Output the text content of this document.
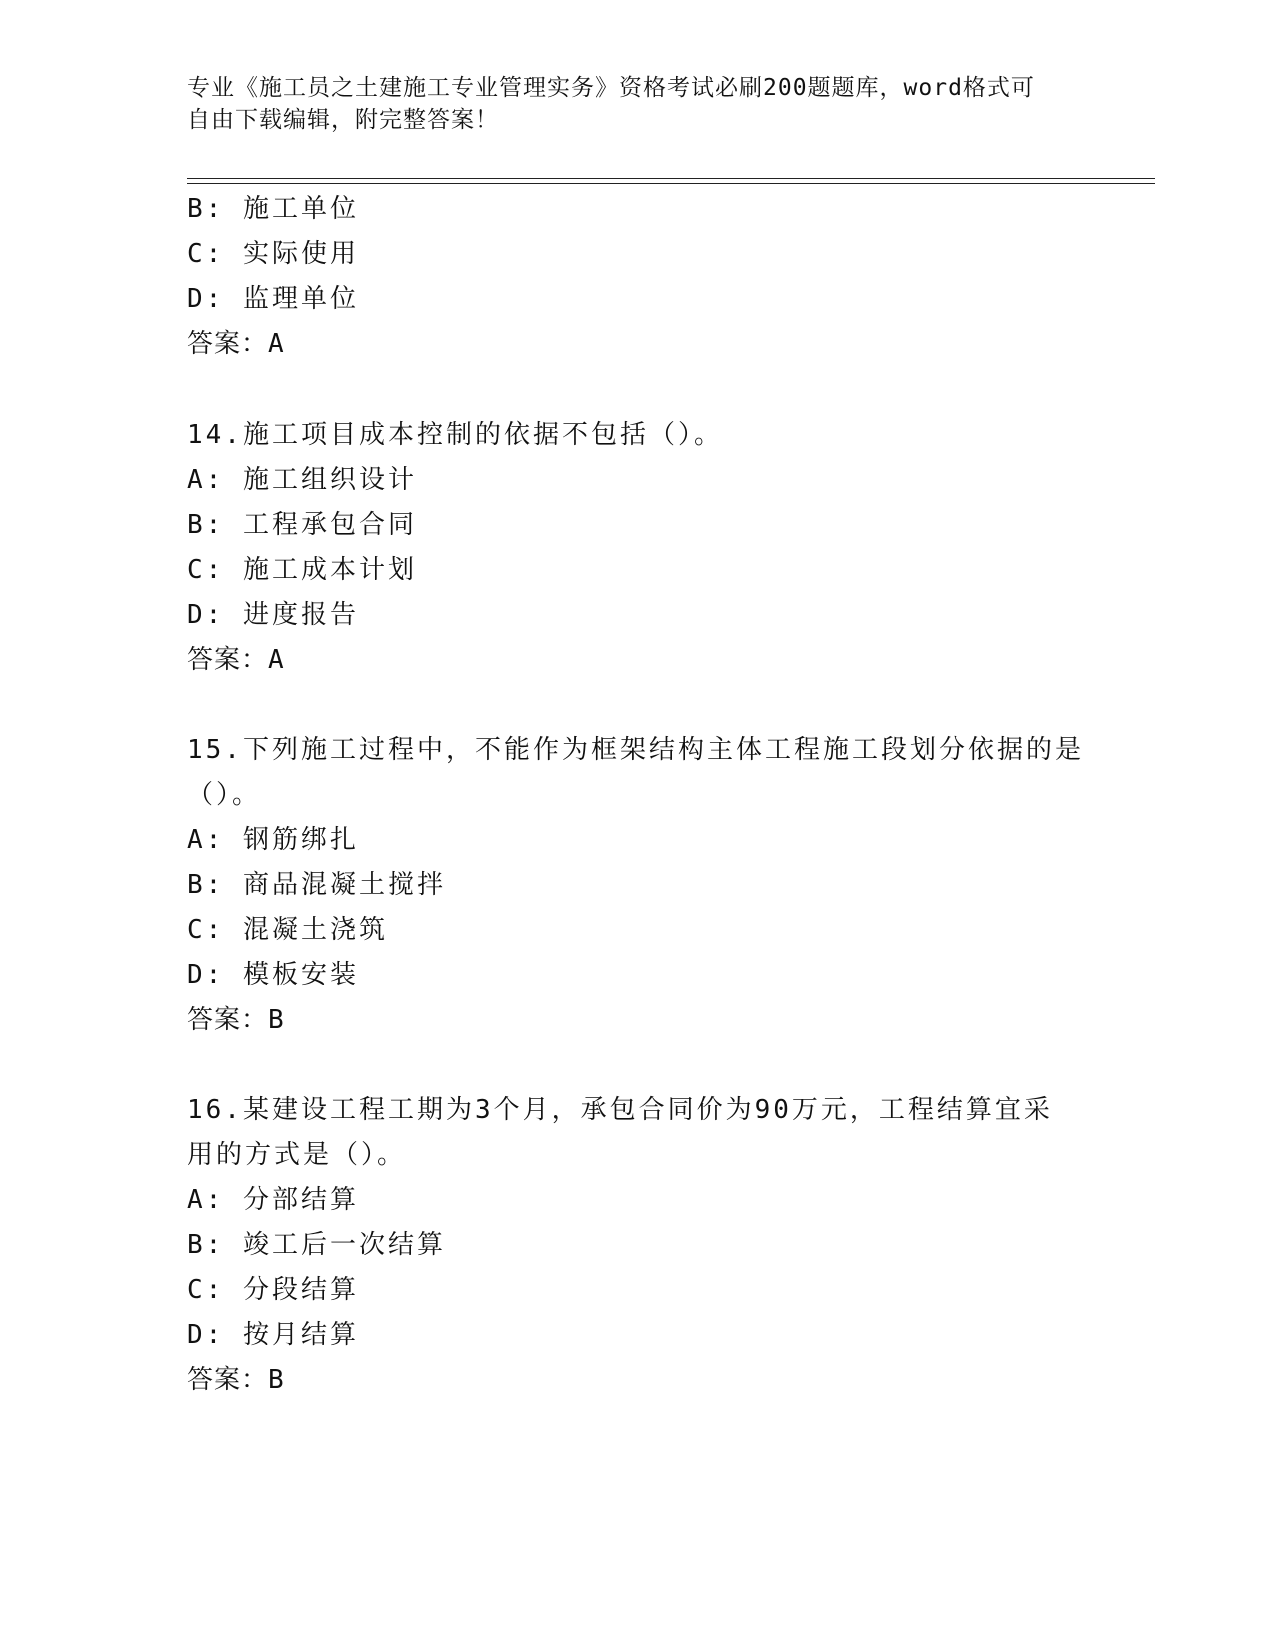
专业《施工员之土建施工专业管理实务》资格考试必刷200题题库，word格式可
自由下载编辑，附完整答案！
B: 施工单位
C: 实际使用
D: 监理单位
答案：A
14.施工项目成本控制的依据不包括（）。
A: 施工组织设计
B: 工程承包合同
C: 施工成本计划
D: 进度报告
答案：A
15.下列施工过程中，不能作为框架结构主体工程施工段划分依据的是
（）。
A: 钢筋绑扎
B: 商品混凝土搅拌
C: 混凝土浇筑
D: 模板安装
答案：B
16.某建设工程工期为3个月，承包合同价为90万元，工程结算宜采
用的方式是（）。
A: 分部结算
B: 竣工后一次结算
C: 分段结算
D: 按月结算
答案：B
